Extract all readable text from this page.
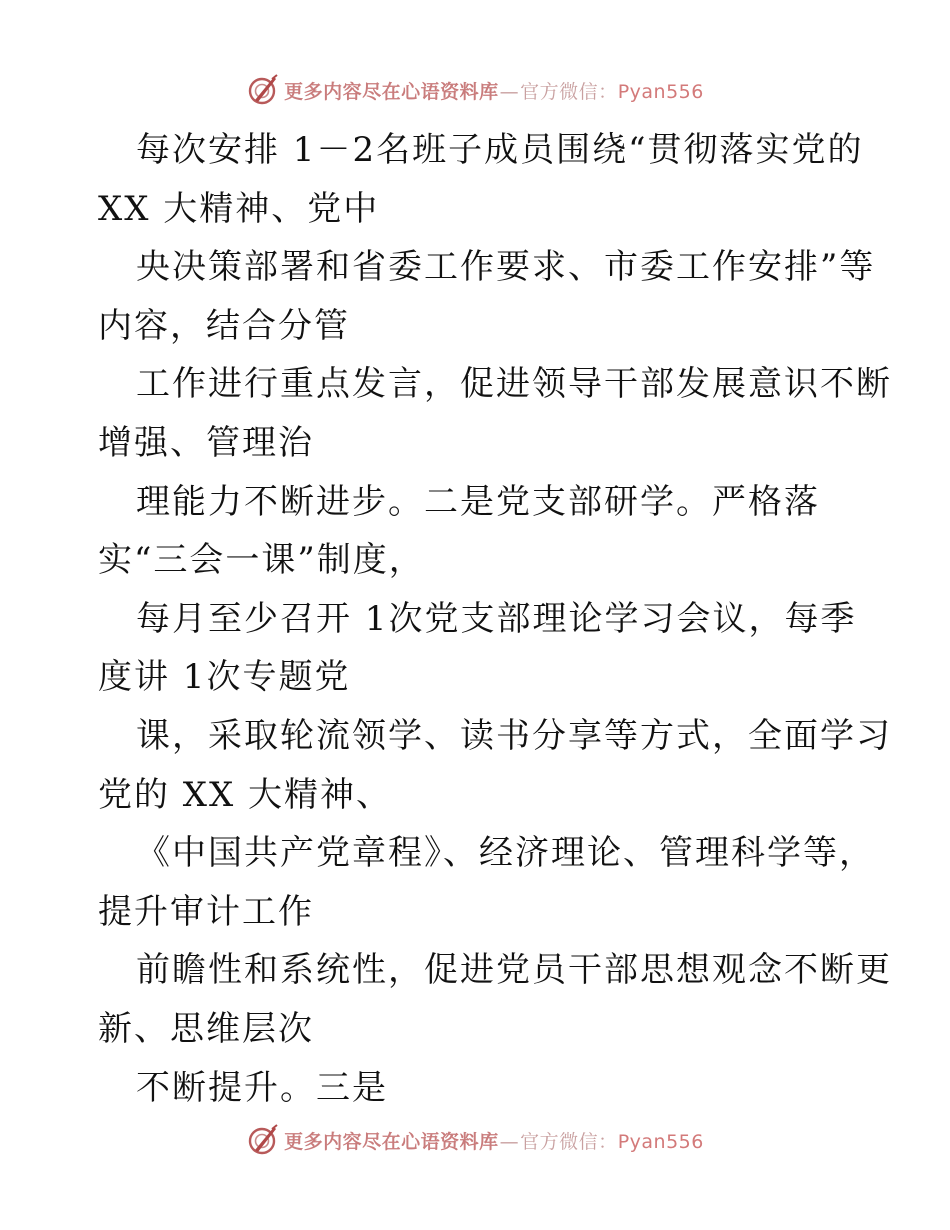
更多内容尽在心语资料库—官方微信：Pyan556
每次安排 1－2名班子成员围绕“贯彻落实党的
XX 大精神、党中
央决策部署和省委工作要求、市委工作安排”等
内容，结合分管
工作进行重点发言，促进领导干部发展意识不断
增强、管理治
理能力不断进步。二是党支部研学。严格落
实“三会一课”制度，
每月至少召开 1次党支部理论学习会议，每季
度讲 1次专题党
课，采取轮流领学、读书分享等方式，全面学习
党的 XX 大精神、
《中国共产党章程》、经济理论、管理科学等，
提升审计工作
前瞻性和系统性，促进党员干部思想观念不断更
新、思维层次
不断提升。三是
更多内容尽在心语资料库—官方微信：Pyan556
